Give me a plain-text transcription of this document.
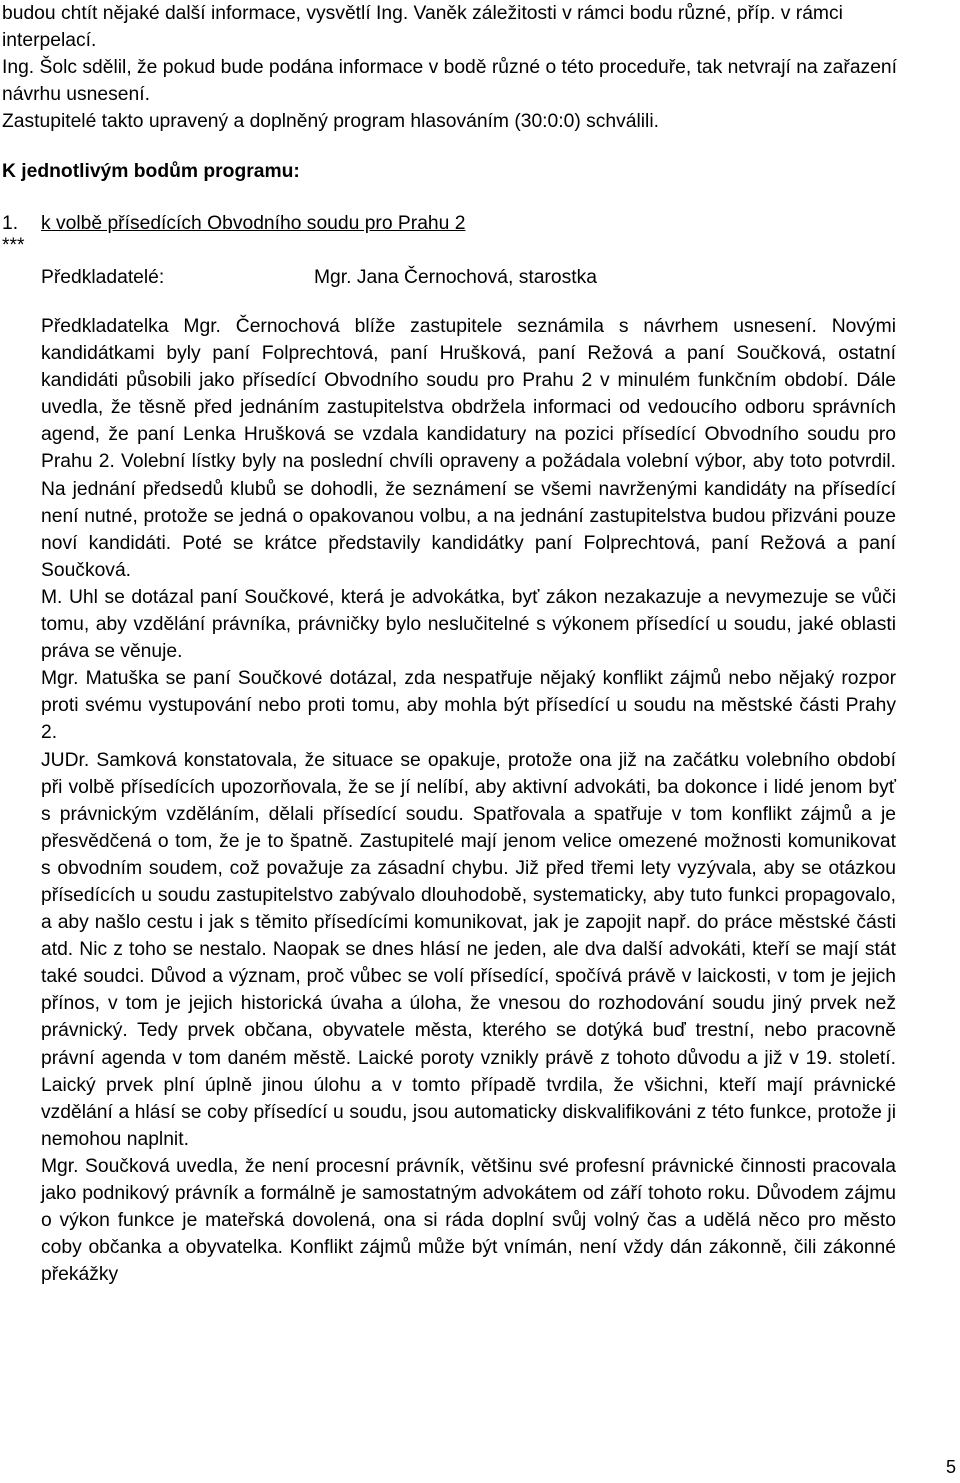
budou chtít nějaké další informace, vysvětlí Ing. Vaněk záležitosti v rámci bodu různé, příp. v rámci interpelací.

Ing. Šolc sdělil, že pokud bude podána informace v bodě různé o této proceduře, tak netvrají na zařazení návrhu usnesení.

Zastupitelé takto upravený a doplněný program hlasováním (30:0:0) schválili.

K jednotlivým bodům programu:
1. k volbě přísedících Obvodního soudu pro Prahu 2
***
Předkladatelé:	Mgr. Jana Černochová, starostka

Předkladatelka Mgr. Černochová blíže zastupitele seznámila s návrhem usnesení. Novými kandidátkami byly paní Folprechtová, paní Hrušková, paní Režová a paní Součková, ostatní kandidáti působili jako přísedící Obvodního soudu pro Prahu 2 v minulém funkčním období. Dále uvedla, že těsně před jednáním zastupitelstva obdržela informaci od vedoucího odboru správních agend, že paní Lenka Hrušková se vzdala kandidatury na pozici přísedící Obvodního soudu pro Prahu 2. Volební lístky byly na poslední chvíli opraveny a požádala volební výbor, aby toto potvrdil. Na jednání předsedů klubů se dohodli, že seznámení se všemi navrženými kandidáty na přísedící není nutné, protože se jedná o opakovanou volbu, a na jednání zastupitelstva budou přizváni pouze noví kandidáti. Poté se krátce představily kandidátky paní Folprechtová, paní Režová a paní Součková.

M. Uhl se dotázal paní Součkové, která je advokátka, byť zákon nezakazuje a nevymezuje se vůči tomu, aby vzdělání právníka, právničky bylo neslučitelné s výkonem přísedící u soudu, jaké oblasti práva se věnuje.

Mgr. Matuška se paní Součkové dotázal, zda nespatřuje nějaký konflikt zájmů nebo nějaký rozpor proti svému vystupování nebo proti tomu, aby mohla být přísedící u soudu na městské části Prahy 2.

JUDr. Samková konstatovala, že situace se opakuje, protože ona již na začátku volebního období při volbě přísedících upozorňovala, že se jí nelíbí, aby aktivní advokáti, ba dokonce i lidé jenom byť s právnickým vzděláním, dělali přísedící soudu. Spatřovala a spatřuje v tom konflikt zájmů a je přesvědčená o tom, že je to špatně. Zastupitelé mají jenom velice omezené možnosti komunikovat s obvodním soudem, což považuje za zásadní chybu. Již před třemi lety vyzývala, aby se otázkou přísedících u soudu zastupitelstvo zabývalo dlouhodobě, systematicky, aby tuto funkci propagovalo, a aby našlo cestu i jak s těmito přísedícími komunikovat, jak je zapojit např. do práce městské části atd. Nic z toho se nestalo. Naopak se dnes hlásí ne jeden, ale dva další advokáti, kteří se mají stát také soudci. Důvod a význam, proč vůbec se volí přísedící, spočívá právě v laickosti, v tom je jejich přínos, v tom je jejich historická úvaha a úloha, že vnesou do rozhodování soudu jiný prvek než právnický. Tedy prvek občana, obyvatele města, kterého se dotýká buď trestní, nebo pracovně právní agenda v tom daném městě. Laické poroty vznikly právě z tohoto důvodu a již v 19. století. Laický prvek plní úplně jinou úlohu a v tomto případě tvrdila, že všichni, kteří mají právnické vzdělání a hlásí se coby přísedící u soudu, jsou automaticky diskvalifikováni z této funkce, protože ji nemohou naplnit.

Mgr. Součková uvedla, že není procesní právník, většinu své profesní právnické činnosti pracovala jako podnikový právník a formálně je samostatným advokátem od září tohoto roku. Důvodem zájmu o výkon funkce je mateřská dovolená, ona si ráda doplní svůj volný čas a udělá něco pro město coby občanka a obyvatelka. Konflikt zájmů může být vnímán, není vždy dán zákonně, čili zákonné překážky

5
